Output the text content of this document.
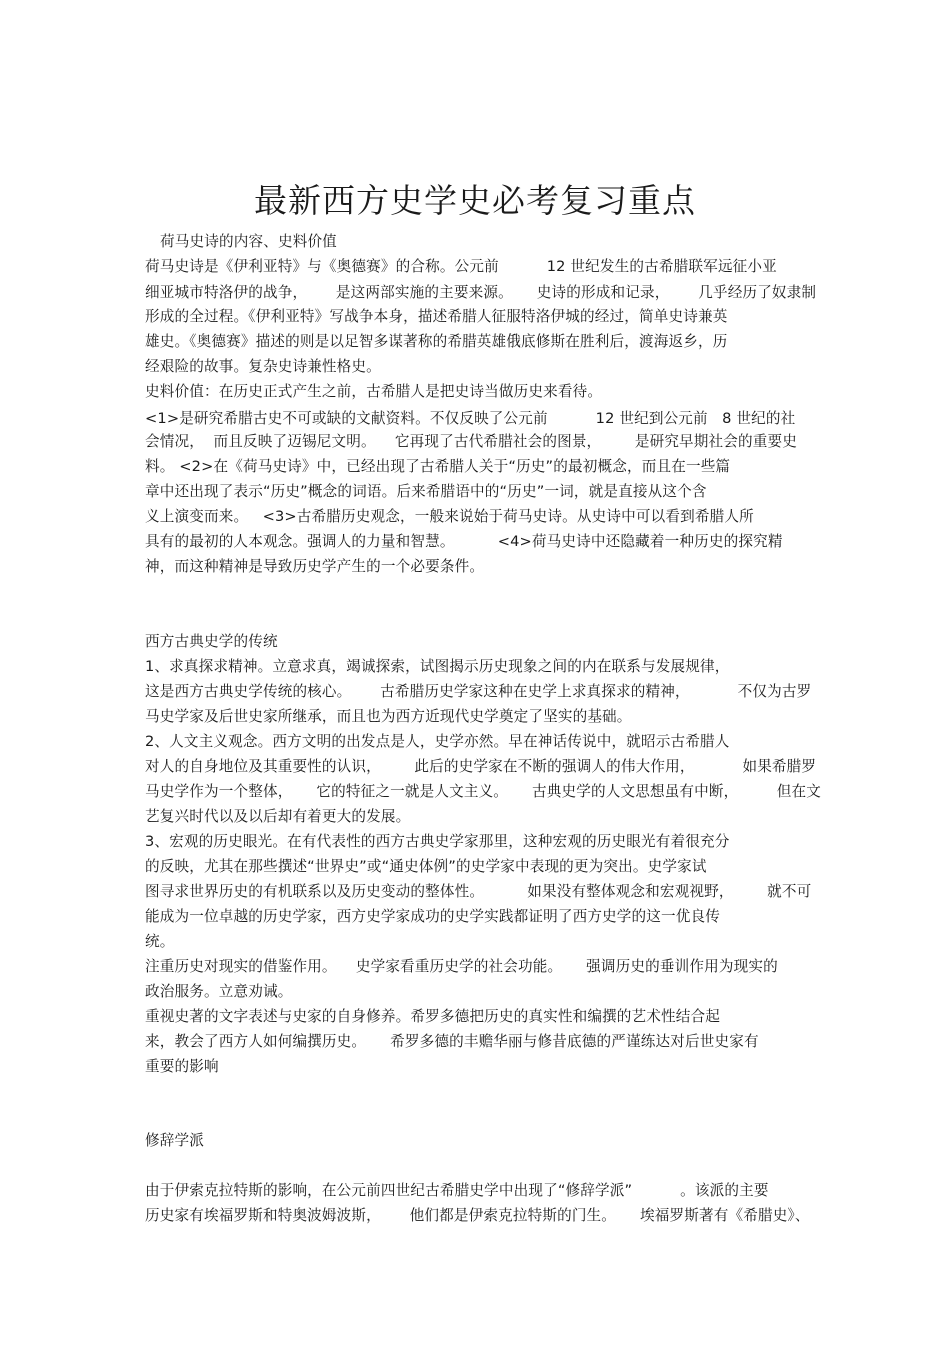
最新西方史学史必考复习重点
荷马史诗的内容、史料价值
荷马史诗是《伊利亚特》与《奥德赛》的合称。公元前          12 世纪发生的古希腊联军远征小亚
细亚城市特洛伊的战争，      是这两部实施的主要来源。     史诗的形成和记录，      几乎经历了奴隶制
形成的全过程。《伊利亚特》写战争本身，描述希腊人征服特洛伊城的经过，简单史诗兼英
雄史。《奥德赛》描述的则是以足智多谋著称的希腊英雄俄底修斯在胜利后，渡海返乡，历
经艰险的故事。复杂史诗兼性格史。
史料价值：在历史正式产生之前，古希腊人是把史诗当做历史来看待。
<1>是研究希腊古史不可或缺的文献资料。不仅反映了公元前          12 世纪到公元前   8 世纪的社
会情况，  而且反映了迈锡尼文明。    它再现了古代希腊社会的图景，       是研究早期社会的重要史
料。 <2>在《荷马史诗》中，已经出现了古希腊人关于“历史”的最初概念，而且在一些篇
章中还出现了表示“历史”概念的词语。后来希腊语中的“历史”一词，就是直接从这个含
义上演变而来。   <3>古希腊历史观念，一般来说始于荷马史诗。从史诗中可以看到希腊人所
具有的最初的人本观念。强调人的力量和智慧。         <4>荷马史诗中还隐藏着一种历史的探究精
神，而这种精神是导致历史学产生的一个必要条件。
西方古典史学的传统
1、求真探求精神。立意求真，竭诚探索，试图揭示历史现象之间的内在联系与发展规律，
这是西方古典史学传统的核心。      古希腊历史学家这种在史学上求真探求的精神，          不仅为古罗
马史学家及后世史家所继承，而且也为西方近现代史学奠定了坚实的基础。
2、人文主义观念。西方文明的出发点是人，史学亦然。早在神话传说中，就昭示古希腊人
对人的自身地位及其重要性的认识，       此后的史学家在不断的强调人的伟大作用，          如果希腊罗
马史学作为一个整体，     它的特征之一就是人文主义。     古典史学的人文思想虽有中断，        但在文
艺复兴时代以及以后却有着更大的发展。
3、宏观的历史眼光。在有代表性的西方古典史学家那里，这种宏观的历史眼光有着很充分
的反映，尤其在那些撰述“世界史”或“通史体例”的史学家中表现的更为突出。史学家试
图寻求世界历史的有机联系以及历史变动的整体性。         如果没有整体观念和宏观视野，       就不可
能成为一位卓越的历史学家，西方史学家成功的史学实践都证明了西方史学的这一优良传
统。
注重历史对现实的借鉴作用。    史学家看重历史学的社会功能。     强调历史的垂训作用为现实的
政治服务。立意劝诫。
重视史著的文字表述与史家的自身修养。希罗多德把历史的真实性和编撰的艺术性结合起
来，教会了西方人如何编撰历史。     希罗多德的丰赡华丽与修昔底德的严谨练达对后世史家有
重要的影响
修辞学派
由于伊索克拉特斯的影响，在公元前四世纪古希腊史学中出现了“修辞学派”          。该派的主要
历史家有埃福罗斯和特奥波姆波斯，      他们都是伊索克拉特斯的门生。     埃福罗斯著有《希腊史》、
